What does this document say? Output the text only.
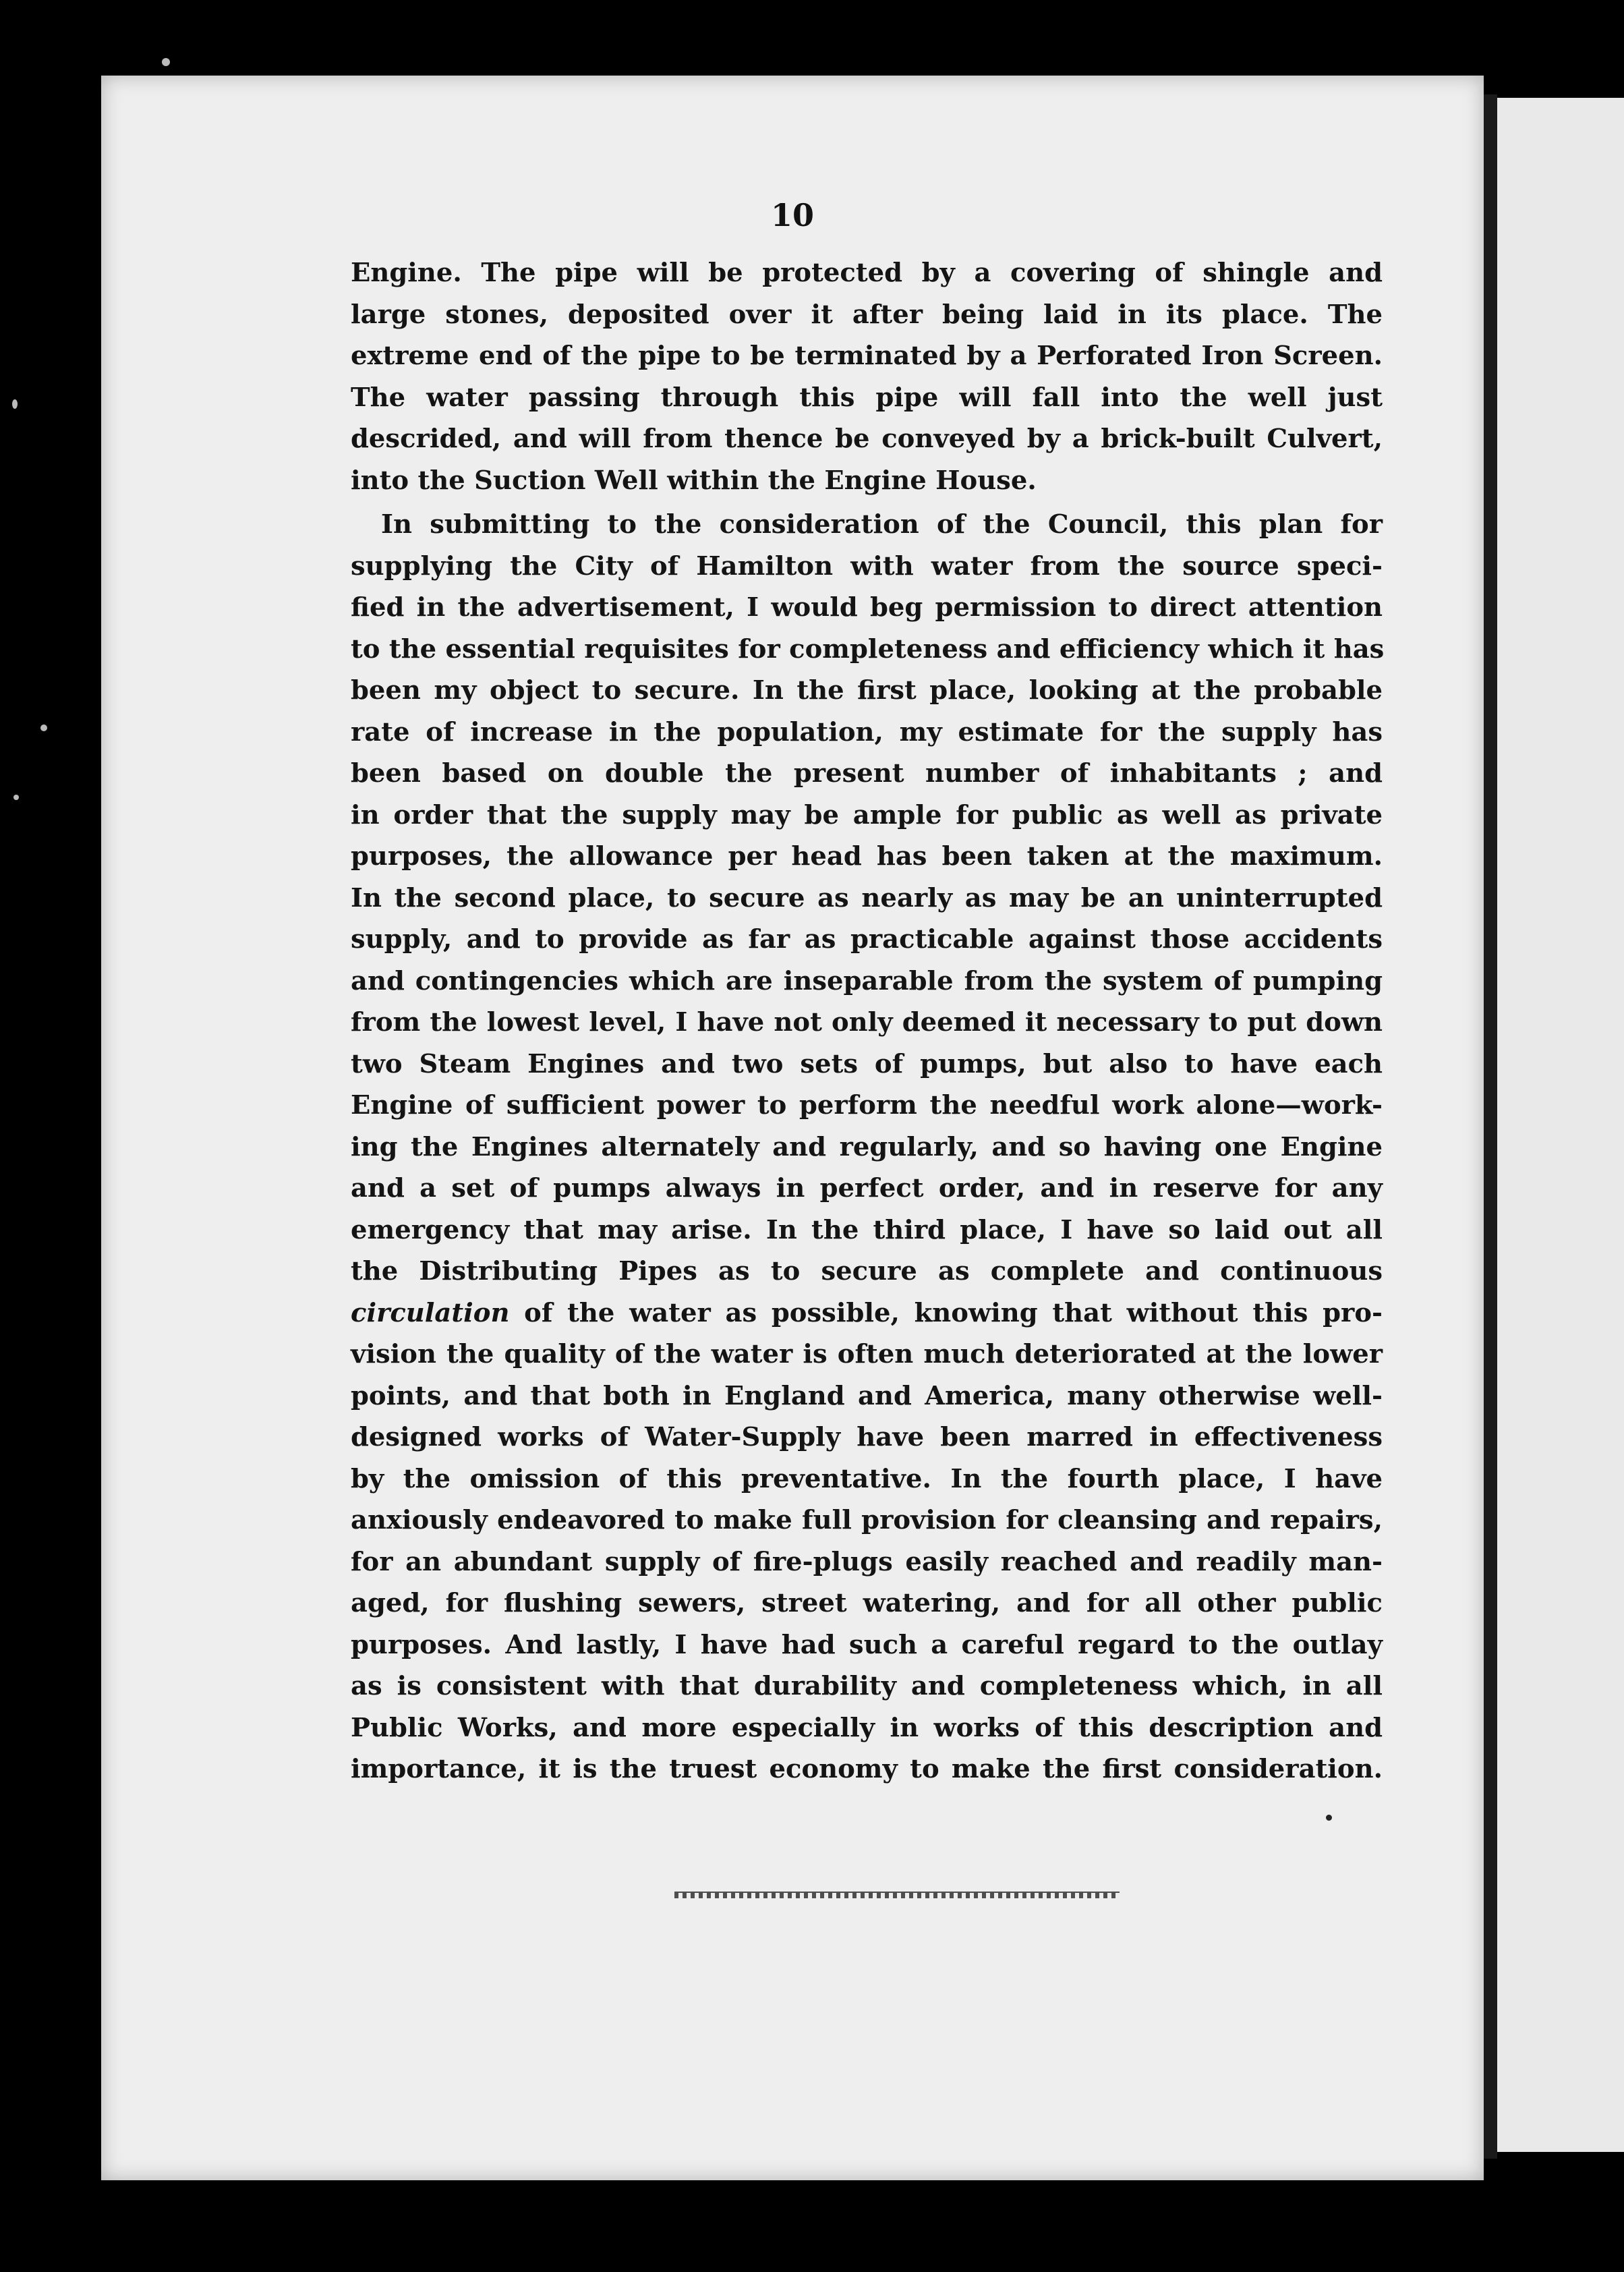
10
Engine. The pipe will be protected by a covering of shingle and
large stones, deposited over it after being laid in its place. The
extreme end of the pipe to be terminated by a Perforated Iron Screen.
The water passing through this pipe will fall into the well just
descrided, and will from thence be conveyed by a brick-built Culvert,
into the Suction Well within the Engine House.
In submitting to the consideration of the Council, this plan for
supplying the City of Hamilton with water from the source speci-
fied in the advertisement, I would beg permission to direct attention
to the essential requisites for completeness and efficiency which it has
been my object to secure. In the first place, looking at the probable
rate of increase in the population, my estimate for the supply has
been based on double the present number of inhabitants ; and
in order that the supply may be ample for public as well as private
purposes, the allowance per head has been taken at the maximum.
In the second place, to secure as nearly as may be an uninterrupted
supply, and to provide as far as practicable against those accidents
and contingencies which are inseparable from the system of pumping
from the lowest level, I have not only deemed it necessary to put down
two Steam Engines and two sets of pumps, but also to have each
Engine of sufficient power to perform the needful work alone—work-
ing the Engines alternately and regularly, and so having one Engine
and a set of pumps always in perfect order, and in reserve for any
emergency that may arise. In the third place, I have so laid out all
the Distributing Pipes as to secure as complete and continuous
circulation of the water as possible, knowing that without this pro-
vision the quality of the water is often much deteriorated at the lower
points, and that both in England and America, many otherwise well-
designed works of Water-Supply have been marred in effectiveness
by the omission of this preventative. In the fourth place, I have
anxiously endeavored to make full provision for cleansing and repairs,
for an abundant supply of fire-plugs easily reached and readily man-
aged, for flushing sewers, street watering, and for all other public
purposes. And lastly, I have had such a careful regard to the outlay
as is consistent with that durability and completeness which, in all
Public Works, and more especially in works of this description and
importance, it is the truest economy to make the first consideration.
